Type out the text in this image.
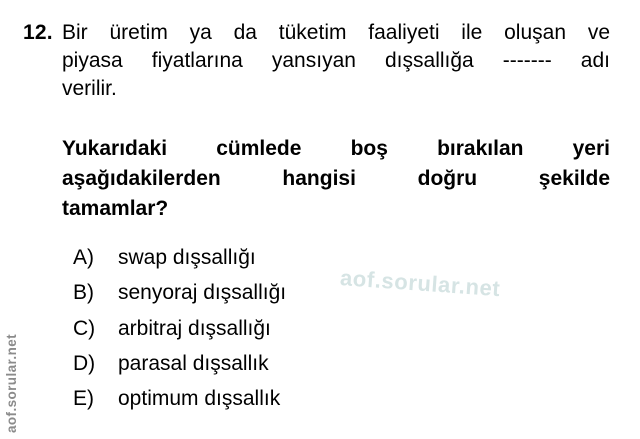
12. Bir üretim ya da tüketim faaliyeti ile oluşan ve
piyasa fiyatlarına yansıyan dışsallığa ------- adı
verilir.
Yukarıdaki cümlede boş bırakılan yeri
aşağıdakilerden hangisi doğru şekilde
tamamlar?
A)	swap dışsallığı
B)	senyoraj dışsallığı
C)	arbitraj dışsallığı
D)	parasal dışsallık
E)	optimum dışsallık
aof.sorular.net
aof.sorular.net
